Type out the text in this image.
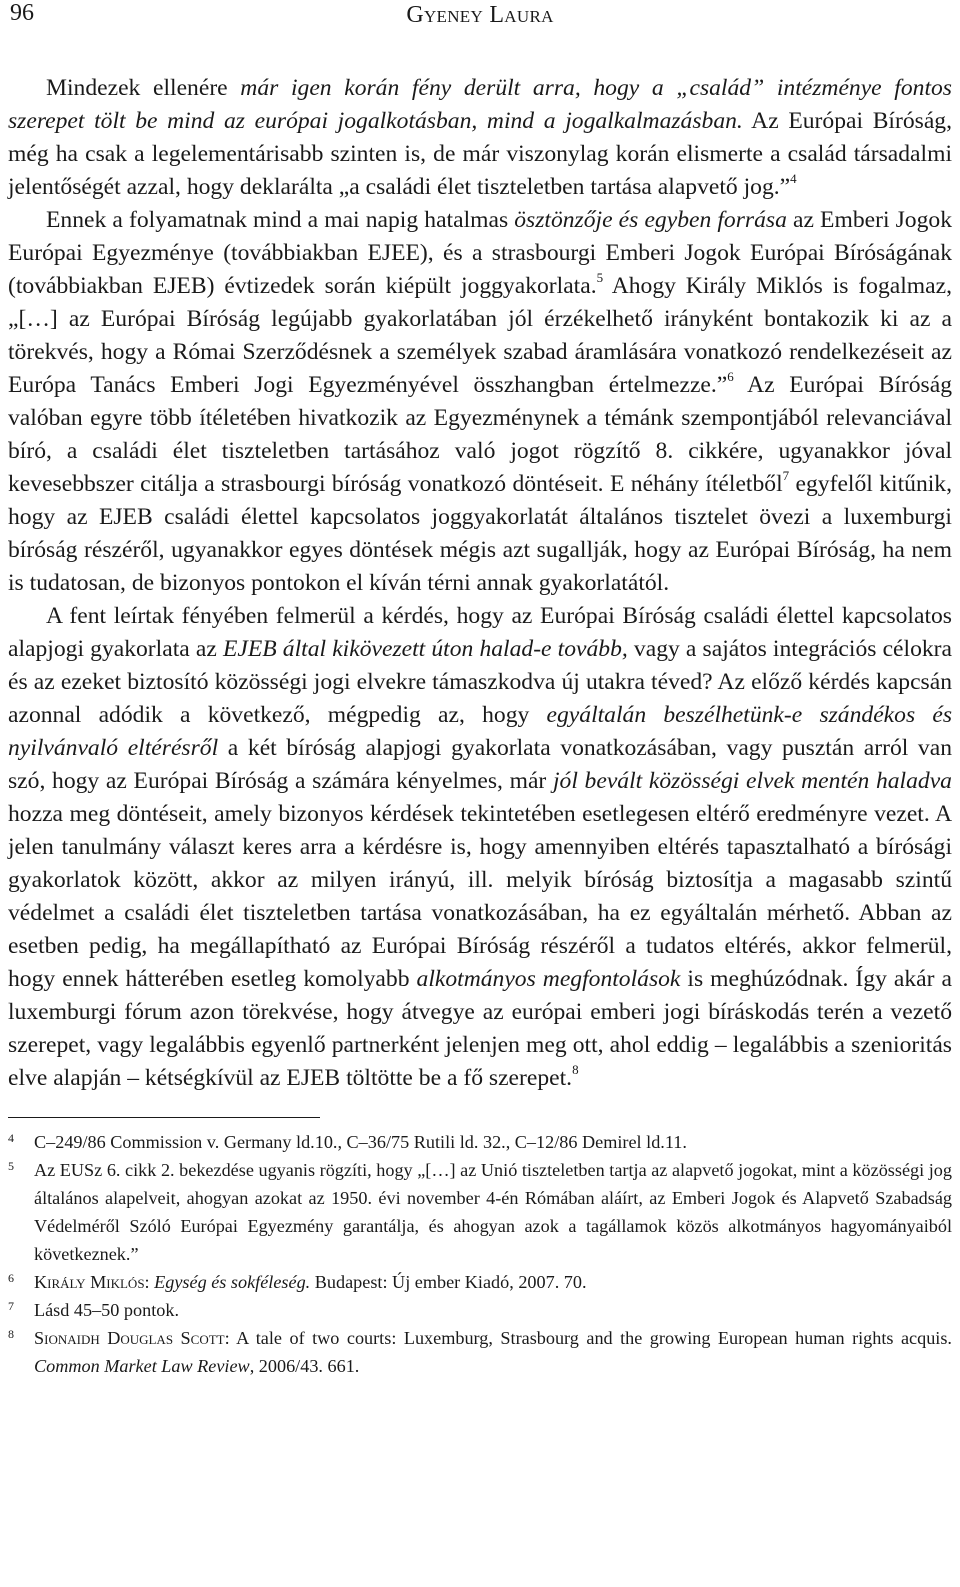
96	Gyeney Laura

Mindezek ellenére már igen korán fény derült arra, hogy a „család” intézménye fontos szerepet tölt be mind az európai jogalkotásban, mind a jogalkalmazásban. Az Európai Bíróság, még ha csak a legelementárisabb szinten is, de már viszonylag korán elismerte a család társadalmi jelentőségét azzal, hogy deklarálta „a családi élet tiszteletben tartása alapvető jog.”$^4$

Ennek a folyamatnak mind a mai napig hatalmas ösztönzője és egyben forrása az Emberi Jogok Európai Egyezménye (továbbiakban EJEE), és a strasbourgi Emberi Jogok Európai Bíróságának (továbbiakban EJEB) évtizedek során kiépült joggyakorlata.$^5$ Ahogy Király Miklós is fogalmaz, „[…] az Európai Bíróság legújabb gyakorlatában jól érzékelhető irányként bontakozik ki az a törekvés, hogy a Római Szerződésnek a személyek szabad áramlására vonatkozó rendelkezéseit az Európa Tanács Emberi Jogi Egyezményével összhangban értelmezze.”$^6$ Az Európai Bíróság valóban egyre több ítéletében hivatkozik az Egyezménynek a témánk szempontjából relevanciával bíró, a családi élet tiszteletben tartásához való jogot rögzítő 8. cikkére, ugyanakkor jóval kevesebbszer citálja a strasbourgi bíróság vonatkozó döntéseit. E néhány ítéletből$^7$ egyfelől kitűnik, hogy az EJEB családi élettel kapcsolatos joggyakorlatát általános tisztelet övezi a luxemburgi bíróság részéről, ugyanakkor egyes döntések mégis azt sugallják, hogy az Európai Bíróság, ha nem is tudatosan, de bizonyos pontokon el kíván térni annak gyakorlatától.

A fent leírtak fényében felmerül a kérdés, hogy az Európai Bíróság családi élettel kapcsolatos alapjogi gyakorlata az EJEB által kikövezett úton halad-e tovább, vagy a sajátos integrációs célokra és az ezeket biztosító közösségi jogi elvekre támaszkodva új utakra téved? Az előző kérdés kapcsán azonnal adódik a következő, mégpedig az, hogy egyáltalán beszélhetünk-e szándékos és nyilvánvaló eltérésről a két bíróság alapjogi gyakorlata vonatkozásában, vagy pusztán arról van szó, hogy az Európai Bíróság a számára kényelmes, már jól bevált közösségi elvek mentén haladva hozza meg döntéseit, amely bizonyos kérdések tekintetében esetlegesen eltérő eredményre vezet. A jelen tanulmány választ keres arra a kérdésre is, hogy amennyiben eltérés tapasztalható a bírósági gyakorlatok között, akkor az milyen irányú, ill. melyik bíróság biztosítja a magasabb szintű védelmet a családi élet tiszteletben tartása vonatkozásában, ha ez egyáltalán mérhető. Abban az esetben pedig, ha megállapítható az Európai Bíróság részéről a tudatos eltérés, akkor felmerül, hogy ennek hátterében esetleg komolyabb alkotmányos megfontolások is meghúzódnak. Így akár a luxemburgi fórum azon törekvése, hogy átvegye az európai emberi jogi bíráskodás terén a vezető szerepet, vagy legalábbis egyenlő partnerként jelenjen meg ott, ahol eddig – legalábbis a szenioritás elve alapján – kétségkívül az EJEB töltötte be a fő szerepet.$^8$

4 C–249/86 Commission v. Germany ld.10., C–36/75 Rutili ld. 32., C–12/86 Demirel ld.11.
5 Az EUSz 6. cikk 2. bekezdése ugyanis rögzíti, hogy „[…] az Unió tiszteletben tartja az alapvető jogokat, mint a közösségi jog általános alapelveit, ahogyan azokat az 1950. évi november 4-én Rómában aláírt, az Emberi Jogok és Alapvető Szabadság Védelméről Szóló Európai Egyezmény garantálja, és ahogyan azok a tagállamok közös alkotmányos hagyományaiból következnek.”
6 Király Miklós: Egység és sokféleség. Budapest: Új ember Kiadó, 2007. 70.
7 Lásd 45–50 pontok.
8 Sionaidh Douglas Scott: A tale of two courts: Luxemburg, Strasbourg and the growing European human rights acquis. Common Market Law Review, 2006/43. 661.
